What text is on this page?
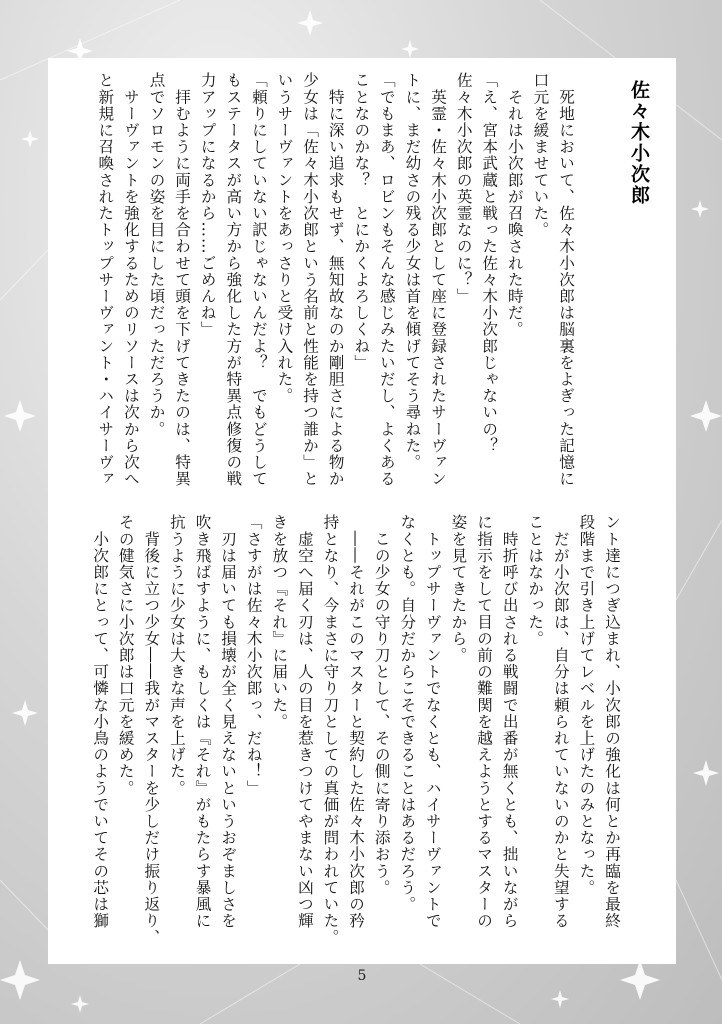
佐々木小次郎

　死地において、佐々木小次郎は脳裏をよぎった記憶に

口元を緩ませていた。

　それは小次郎が召喚された時だ。

「え、宮本武蔵と戦った佐々木小次郎じゃないの？

佐々木小次郎の英霊なのに？」

　英霊・佐々木小次郎として座に登録されたサーヴァン

トに、まだ幼さの残る少女は首を傾げてそう尋ねた。

「でもまあ、ロビンもそんな感じみたいだし、よくある

ことなのかな？　とにかくよろしくね」

　特に深い追求もせず、無知故なのか剛胆さによる物か

少女は「佐々木小次郎という名前と性能を持つ誰か」と

いうサーヴァントをあっさりと受け入れた。

「頼りにしていない訳じゃないんだよ？　でもどうして

もステータスが高い方から強化した方が特異点修復の戦

力アップになるから……ごめんね」

　拝むように両手を合わせて頭を下げてきたのは、特異

点でソロモンの姿を目にした頃だっただろうか。

　サーヴァントを強化するためのリソースは次から次へ

と新規に召喚されたトップサーヴァント・ハイサーヴァ

ント達につぎ込まれ、小次郎の強化は何とか再臨を最終

段階まで引き上げてレベルを上げたのみとなった。

　だが小次郎は、自分は頼られていないのかと失望する

ことはなかった。

　時折呼び出される戦闘で出番が無くとも、拙いながら

に指示をして目の前の難関を越えようとするマスターの

姿を見てきたから。

　トップサーヴァントでなくとも、ハイサーヴァントで

なくとも。自分だからこそできることはあるだろう。

　この少女の守り刀として、その側に寄り添おう。

　――それがこのマスターと契約した佐々木小次郎の矜

持となり、今まさに守り刀としての真価が問われていた。

　虚空へ届く刃は、人の目を惹きつけてやまない凶つ輝

きを放つ『それ』に届いた。

「さすがは佐々木小次郎っ、だね！」

　刃は届いても損壊が全く見えないというおぞましさを

吹き飛ばすように、もしくは『それ』がもたらす暴風に

抗うように少女は大きな声を上げた。

　背後に立つ少女――我がマスターを少しだけ振り返り、

その健気さに小次郎は口元を緩めた。

　小次郎にとって、可憐な小鳥のようでいてその芯は獅

5
